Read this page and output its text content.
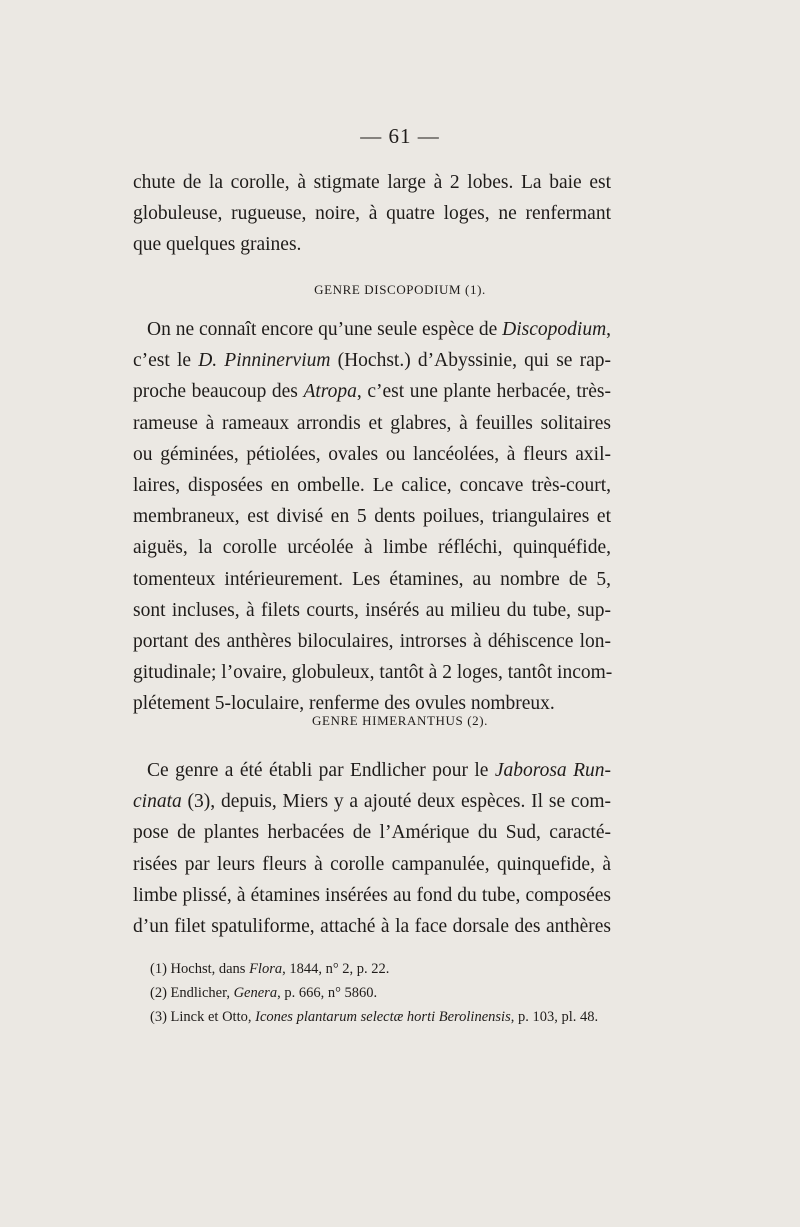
— 61 —
chute de la corolle, à stigmate large à 2 lobes. La baie est
globuleuse, rugueuse, noire, à quatre loges, ne renfermant
que quelques graines.
GENRE DISCOPODIUM (1).
On ne connaît encore qu’une seule espèce de Discopodium,
c’est le D. Pinninervium (Hochst.) d’Abyssinie, qui se rap-
proche beaucoup des Atropa, c’est une plante herbacée, très-
rameuse à rameaux arrondis et glabres, à feuilles solitaires
ou géminées, pétiolées, ovales ou lancéolées, à fleurs axil-
laires, disposées en ombelle. Le calice, concave très-court,
membraneux, est divisé en 5 dents poilues, triangulaires et
aiguës, la corolle urcéolée à limbe réfléchi, quinquéfide,
tomenteux intérieurement. Les étamines, au nombre de 5,
sont incluses, à filets courts, insérés au milieu du tube, sup-
portant des anthères biloculaires, introrses à déhiscence lon-
gitudinale; l’ovaire, globuleux, tantôt à 2 loges, tantôt incom-
plétement 5-loculaire, renferme des ovules nombreux.
GENRE HIMERANTHUS (2).
Ce genre a été établi par Endlicher pour le Jaborosa Run-
cinata (3), depuis, Miers y a ajouté deux espèces. Il se com-
pose de plantes herbacées de l’Amérique du Sud, caracté-
risées par leurs fleurs à corolle campanulée, quinquefide, à
limbe plissé, à étamines insérées au fond du tube, composées
d’un filet spatuliforme, attaché à la face dorsale des anthères
(1) Hochst, dans Flora, 1844, n° 2, p. 22.
(2) Endlicher, Genera, p. 666, n° 5860.
(3) Linck et Otto, Icones plantarum selectæ horti Berolinensis, p. 103, pl. 48.
